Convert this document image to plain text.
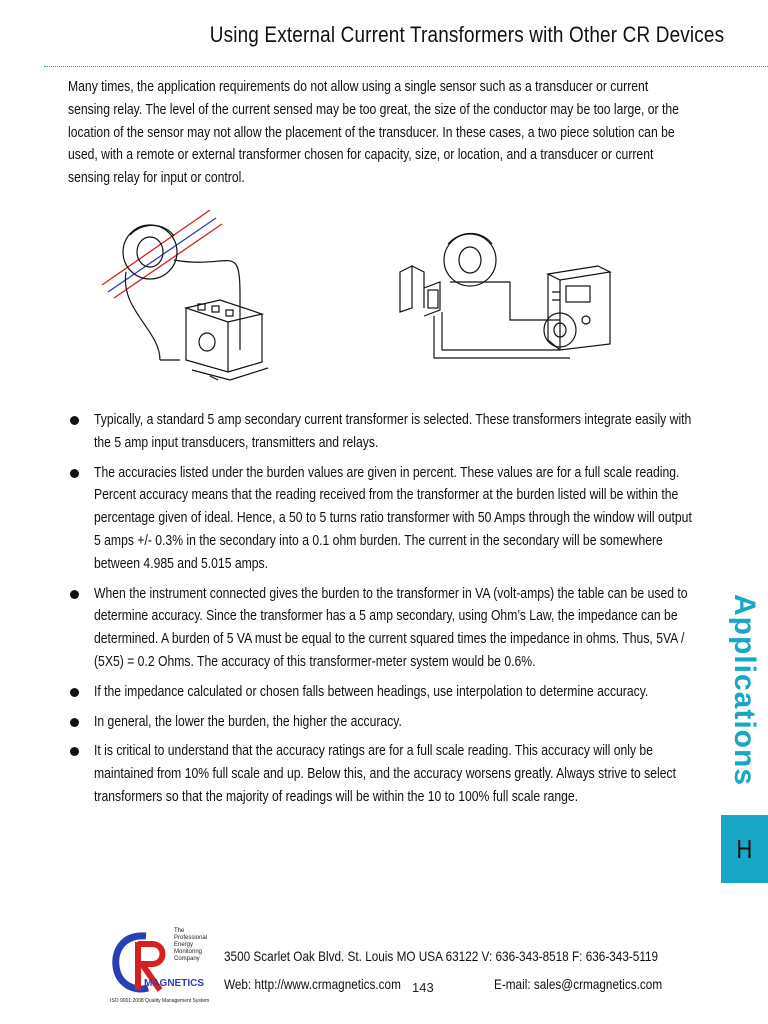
Using External Current Transformers with Other CR Devices
Many times, the application requirements do not allow using a single sensor such as a transducer or current sensing relay. The level of the current sensed may be too great, the size of the conductor may be too large, or the location of the sensor may not allow the placement of the transducer. In these cases, a two piece solution can be used, with a remote or external transformer chosen for capacity, size, or location, and a transducer or current sensing relay for input or control.
Typically, a standard 5 amp secondary current transformer is selected. These transformers integrate easily with the 5 amp input transducers, transmitters and relays.
The accuracies listed under the burden values are given in percent. These values are for a full scale reading. Percent accuracy means that the reading received from the transformer at the burden listed will be within the percentage given of ideal. Hence, a 50 to 5 turns ratio transformer with 50 Amps through the window will output 5 amps +/- 0.3% in the secondary into a 0.1 ohm burden. The current in the secondary will be somewhere between 4.985 and 5.015 amps.
When the instrument connected gives the burden to the transformer in VA (volt-amps) the table can be used to determine accuracy. Since the transformer has a 5 amp secondary, using Ohm’s Law, the impedance can be determined. A burden of 5 VA must be equal to the current squared times the impedance in ohms. Thus, 5VA / (5X5) = 0.2 Ohms. The accuracy of this transformer-meter system would be 0.6%.
If the impedance calculated or chosen falls between headings, use interpolation to determine accuracy.
In general, the lower the burden, the higher the accuracy.
It is critical to understand that the accuracy ratings are for a full scale reading. This accuracy will only be maintained from 10% full scale and up. Below this, and the accuracy worsens greatly. Always strive to select transformers so that the majority of readings will be within the 10 to 100% full scale range.
Applications
H
MAGNETICS
The Professional
Energy Monitoring
Company
ISO 9001:2008 Quality Management System
3500 Scarlet Oak Blvd. St. Louis MO USA 63122 V: 636-343-8518 F: 636-343-5119
Web: http://www.crmagnetics.com 143	E-mail: sales@crmagnetics.com
